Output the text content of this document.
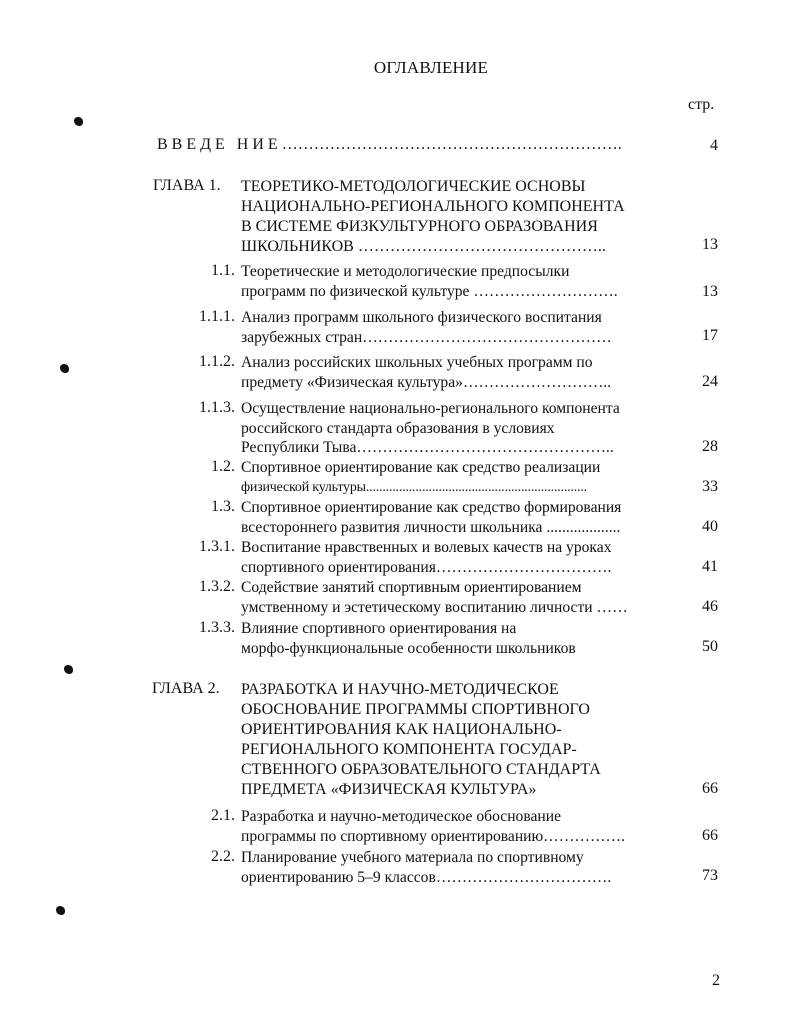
ОГЛАВЛЕНИЕ
стр.
ВВЕДЕ НИЕ……………………………………………………….	4
ГЛАВА 1. ТЕОРЕТИКО-МЕТОДОЛОГИЧЕСКИЕ ОСНОВЫ
НАЦИОНАЛЬНО-РЕГИОНАЛЬНОГО КОМПОНЕНТА
В СИСТЕМЕ ФИЗКУЛЬТУРНОГО ОБРАЗОВАНИЯ
ШКОЛЬНИКОВ ………………………………………..	13
1.1. Теоретические и методологические предпосылки
программ по физической культуре ……………………….	13
1.1.1. Анализ программ школьного физического воспитания
зарубежных стран…………………………………………	17
1.1.2. Анализ российских школьных учебных программ по
предмету «Физическая культура»………………………..	24
1.1.3. Осуществление национально-регионального компонента
российского стандарта образования в условиях
Республики Тыва…………………………………………..	28
1.2. Спортивное ориентирование как средство реализации
физической культуры...................................................................	33
1.3. Спортивное ориентирование как средство формирования
всестороннего развития личности школьника ...................	40
1.3.1. Воспитание нравственных и волевых качеств на уроках
спортивного ориентирования…………………………….	41
1.3.2. Содействие занятий спортивным ориентированием
умственному и эстетическому воспитанию личности ……	46
1.3.3. Влияние спортивного ориентирования на
морфо-функциональные особенности школьников	50
ГЛАВА 2. РАЗРАБОТКА И НАУЧНО-МЕТОДИЧЕСКОЕ
ОБОСНОВАНИЕ ПРОГРАММЫ СПОРТИВНОГО
ОРИЕНТИРОВАНИЯ КАК НАЦИОНАЛЬНО-
РЕГИОНАЛЬНОГО КОМПОНЕНТА ГОСУДАР-
СТВЕННОГО ОБРАЗОВАТЕЛЬНОГО СТАНДАРТА
ПРЕДМЕТА «ФИЗИЧЕСКАЯ КУЛЬТУРА»	66
2.1. Разработка и научно-методическое обоснование
программы по спортивному ориентированию…………….	66
2.2. Планирование учебного материала по спортивному
ориентированию 5–9 классов…………………………….	73
2
